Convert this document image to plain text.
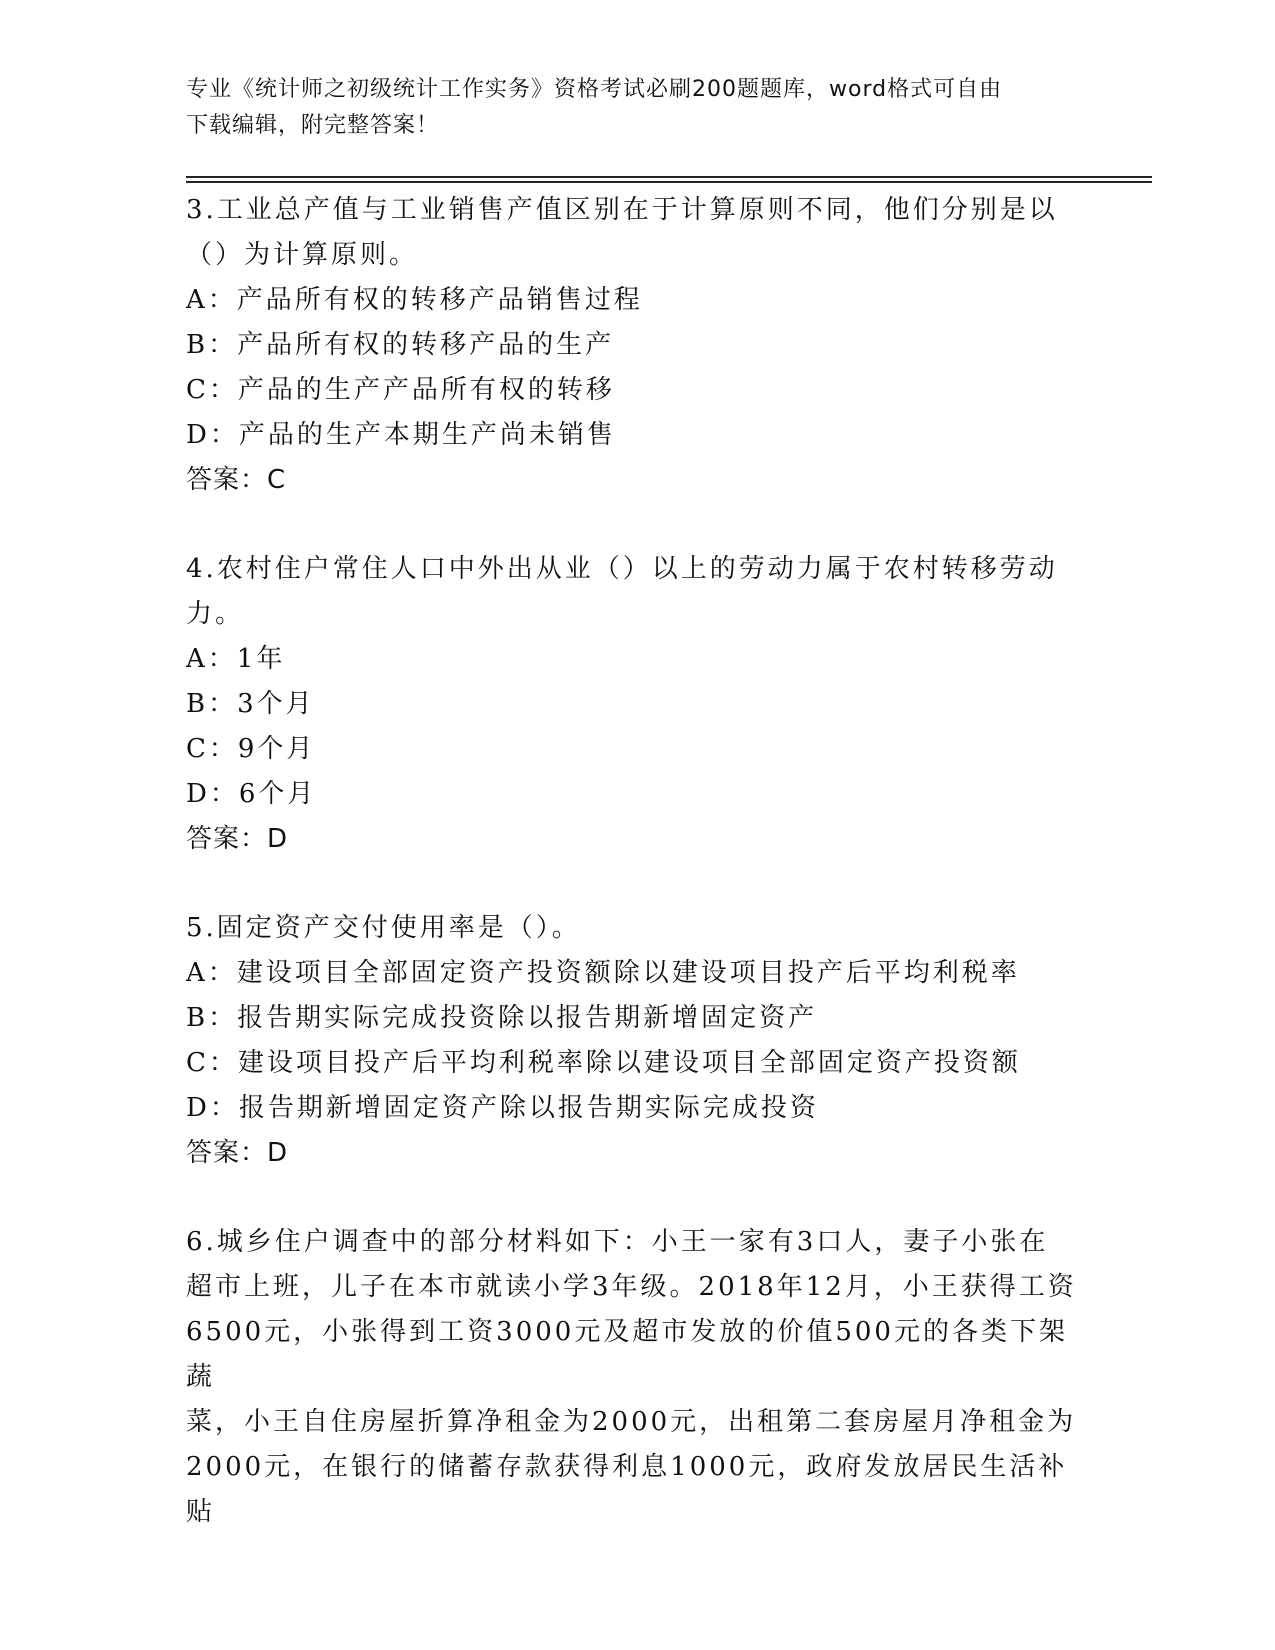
专业《统计师之初级统计工作实务》资格考试必刷200题题库，word格式可自由
下载编辑，附完整答案！

3.工业总产值与工业销售产值区别在于计算原则不同，他们分别是以

（）为计算原则。

A：产品所有权的转移产品销售过程

B：产品所有权的转移产品的生产

C：产品的生产产品所有权的转移

D：产品的生产本期生产尚未销售

答案：C

4.农村住户常住人口中外出从业（）以上的劳动力属于农村转移劳动

力。

A：1年

B：3个月

C：9个月

D：6个月

答案：D

5.固定资产交付使用率是（）。

A：建设项目全部固定资产投资额除以建设项目投产后平均利税率

B：报告期实际完成投资除以报告期新增固定资产

C：建设项目投产后平均利税率除以建设项目全部固定资产投资额

D：报告期新增固定资产除以报告期实际完成投资

答案：D

6.城乡住户调查中的部分材料如下：小王一家有3口人，妻子小张在

超市上班，儿子在本市就读小学3年级。2018年12月，小王获得工资

6500元，小张得到工资3000元及超市发放的价值500元的各类下架蔬

菜，小王自住房屋折算净租金为2000元，出租第二套房屋月净租金为

2000元，在银行的储蓄存款获得利息1000元，政府发放居民生活补贴
